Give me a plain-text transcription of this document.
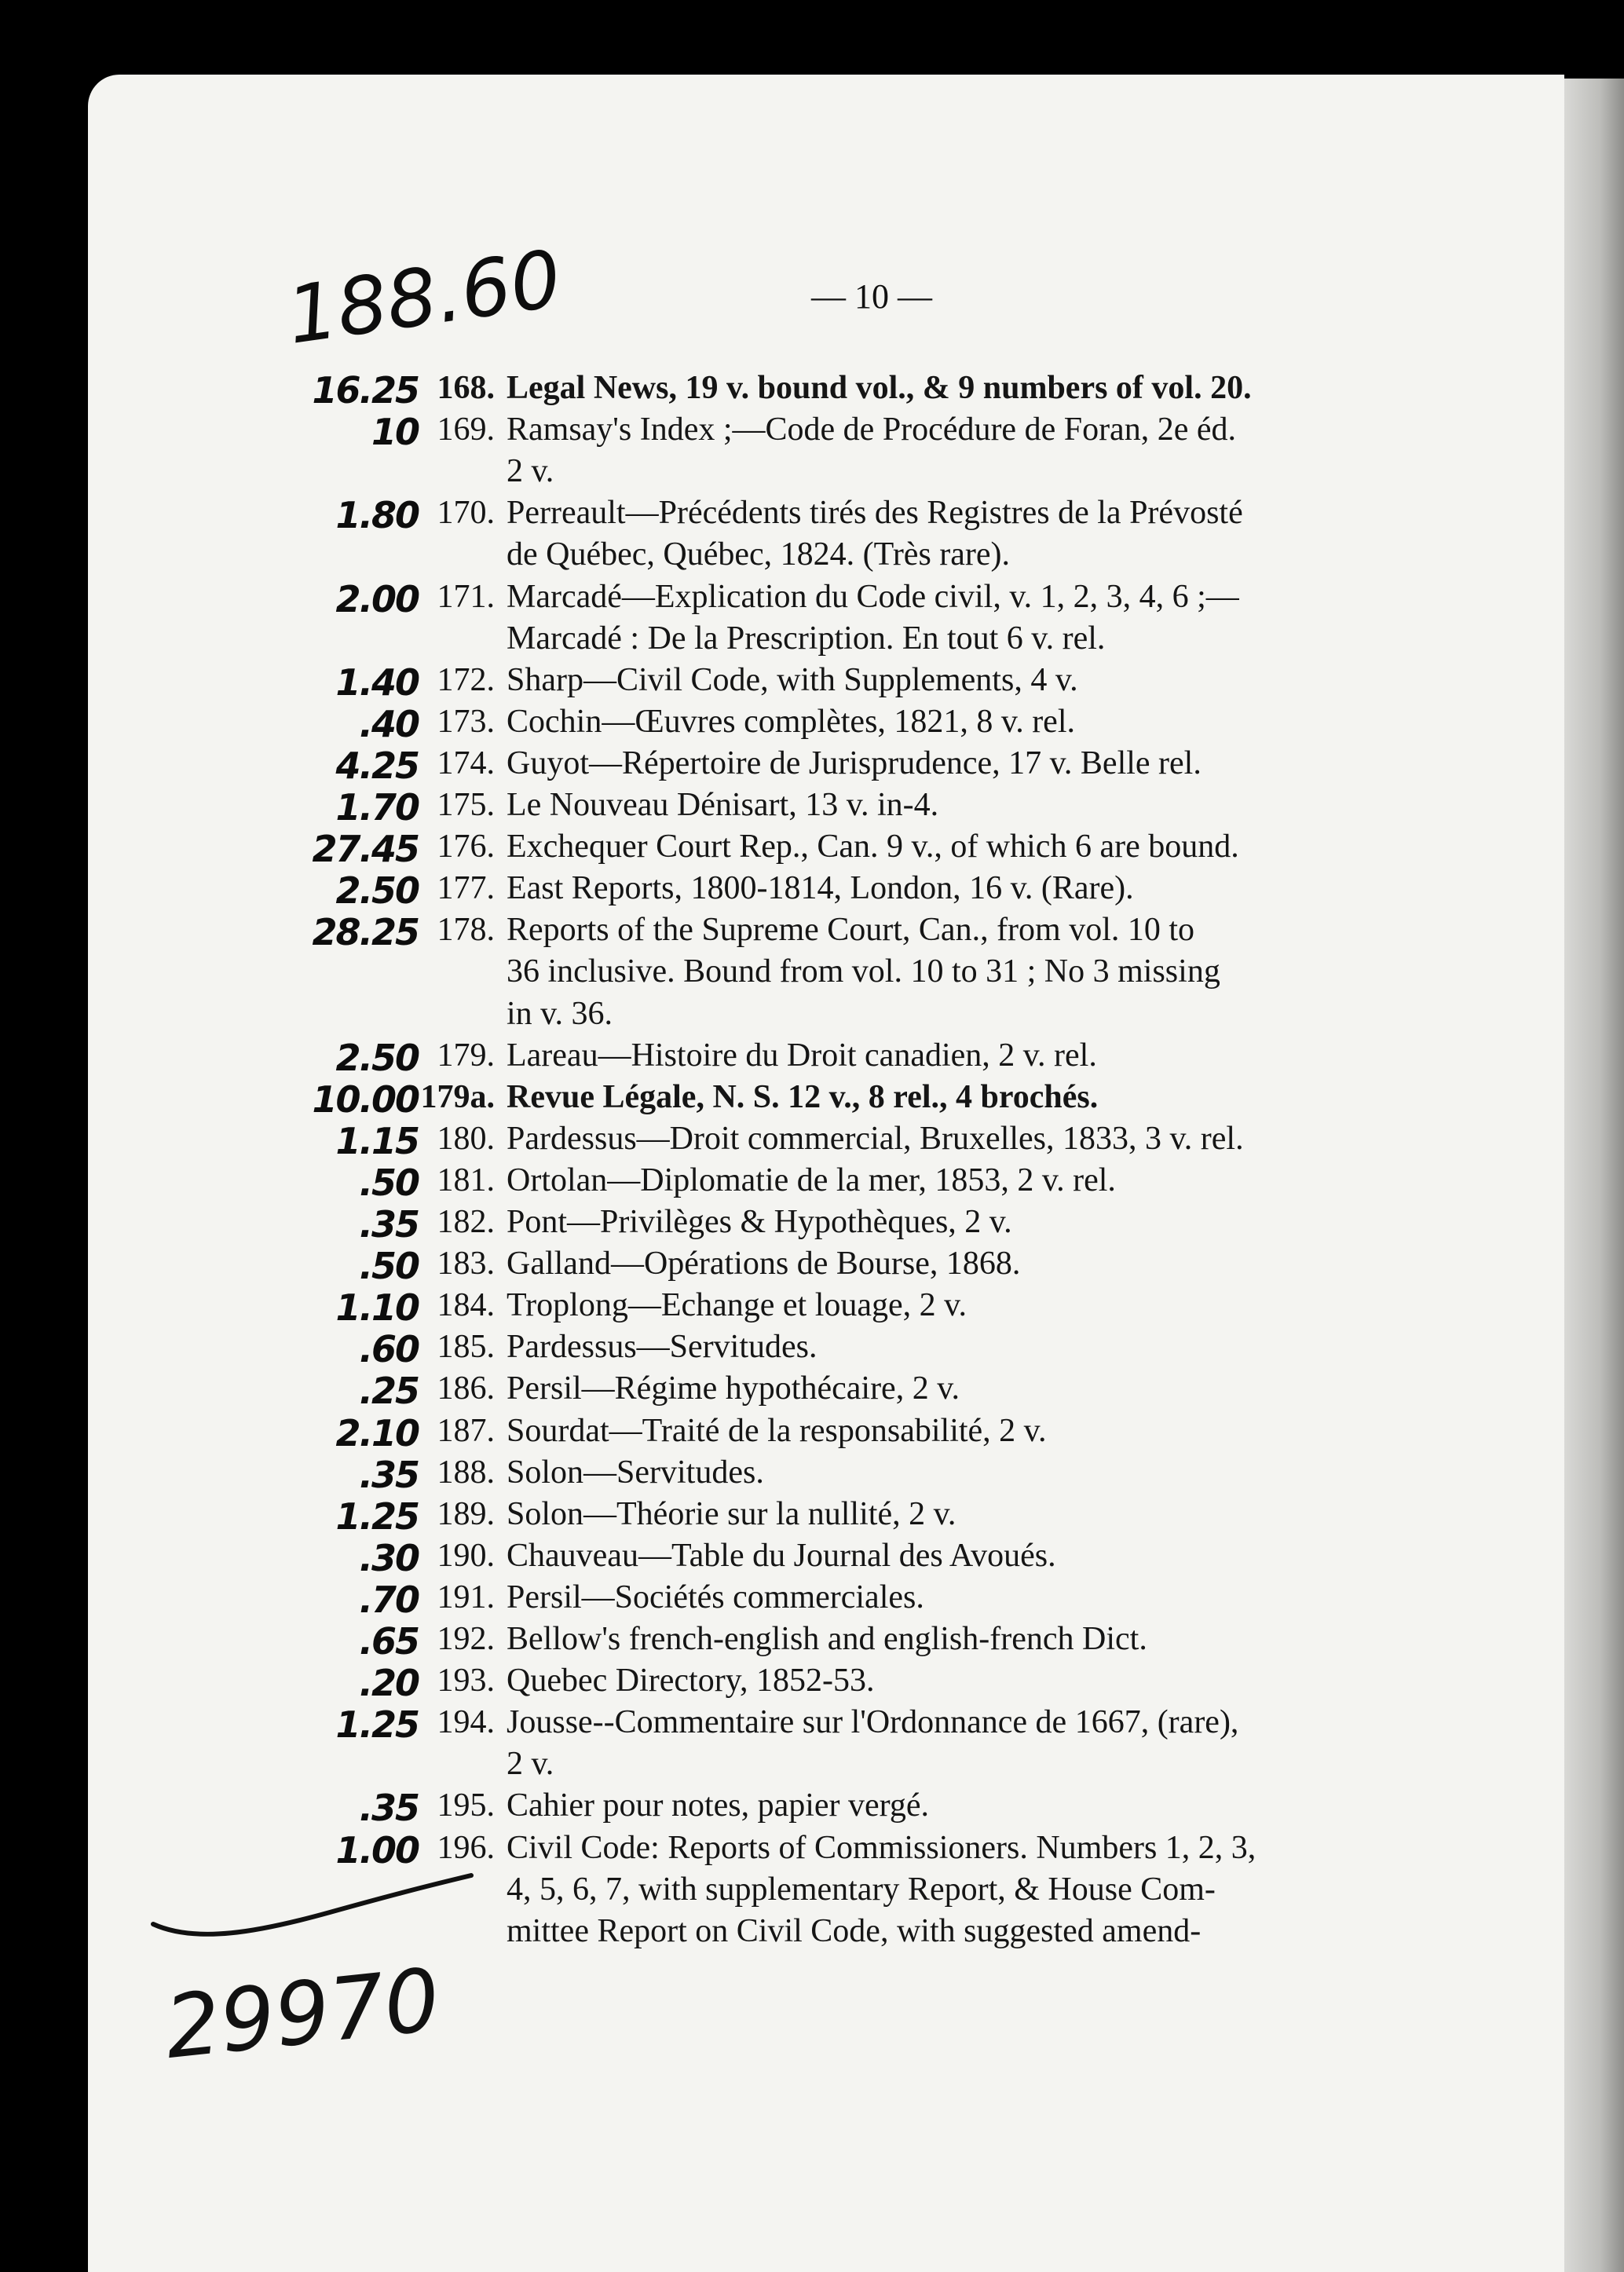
— 10 —
188.60
16.25 168. Legal News, 19 v. bound vol., & 9 numbers of vol. 20.
10 169. Ramsay's Index ;—Code de Procédure de Foran, 2e éd.
2 v.
1.80 170. Perreault—Précédents tirés des Registres de la Prévosté
de Québec, Québec, 1824. (Très rare).
2.00 171. Marcadé—Explication du Code civil, v. 1, 2, 3, 4, 6 ;—
Marcadé : De la Prescription. En tout 6 v. rel.
1.40 172. Sharp—Civil Code, with Supplements, 4 v.
.40 173. Cochin—Œuvres complètes, 1821, 8 v. rel.
4.25 174. Guyot—Répertoire de Jurisprudence, 17 v. Belle rel.
1.70 175. Le Nouveau Dénisart, 13 v. in-4.
27.45 176. Exchequer Court Rep., Can. 9 v., of which 6 are bound.
2.50 177. East Reports, 1800-1814, London, 16 v. (Rare).
28.25 178. Reports of the Supreme Court, Can., from vol. 10 to
36 inclusive. Bound from vol. 10 to 31 ; No 3 missing
in v. 36.
2.50 179. Lareau—Histoire du Droit canadien, 2 v. rel.
10.00 179a. Revue Légale, N. S. 12 v., 8 rel., 4 brochés.
1.15 180. Pardessus—Droit commercial, Bruxelles, 1833, 3 v. rel.
.50 181. Ortolan—Diplomatie de la mer, 1853, 2 v. rel.
.35 182. Pont—Privilèges & Hypothèques, 2 v.
.50 183. Galland—Opérations de Bourse, 1868.
1.10 184. Troplong—Echange et louage, 2 v.
.60 185. Pardessus—Servitudes.
.25 186. Persil—Régime hypothécaire, 2 v.
2.10 187. Sourdat—Traité de la responsabilité, 2 v.
.35 188. Solon—Servitudes.
1.25 189. Solon—Théorie sur la nullité, 2 v.
.30 190. Chauveau—Table du Journal des Avoués.
.70 191. Persil—Sociétés commerciales.
.65 192. Bellow's french-english and english-french Dict.
.20 193. Quebec Directory, 1852-53.
1.25 194. Jousse--Commentaire sur l'Ordonnance de 1667, (rare),
2 v.
.35 195. Cahier pour notes, papier vergé.
1.00 196. Civil Code: Reports of Commissioners. Numbers 1, 2, 3,
4, 5, 6, 7, with supplementary Report, & House Com-
mittee Report on Civil Code, with suggested amend-
29970
